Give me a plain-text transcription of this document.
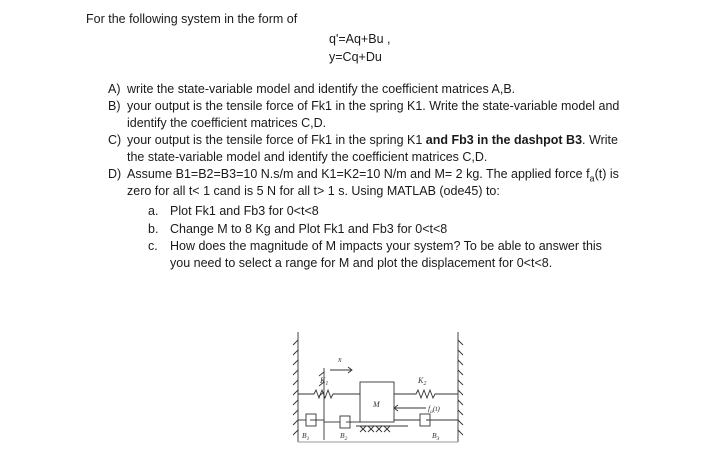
For the following system in the form of
q'=Aq+Bu ,
y=Cq+Du
A) write the state-variable model and identify the coefficient matrices A,B.
B) your output is the tensile force of Fk1 in the spring K1. Write the state-variable model and
identify the coefficient matrices C,D.
C) your output is the tensile force of Fk1 in the spring K1 and Fb3 in the dashpot B3. Write
the state-variable model and identify the coefficient matrices C,D.
D) Assume B1=B2=B3=10 N.s/m and K1=K2=10 N/m and M= 2 kg. The applied force $f_a(t)$ is
zero for all t< 1 cand is 5 N for all t> 1 s. Using MATLAB (ode45) to:
a. Plot Fk1 and Fb3 for 0<t<8
b. Change M to 8 Kg and Plot Fk1 and Fb3 for 0<t<8
c. How does the magnitude of M impacts your system? To be able to answer this
you need to select a range for M and plot the displacement for 0<t<8.
x
$K_1$
M
$K_2$
$f_a(t)$
$B_1$	$B_2$	$B_3$
